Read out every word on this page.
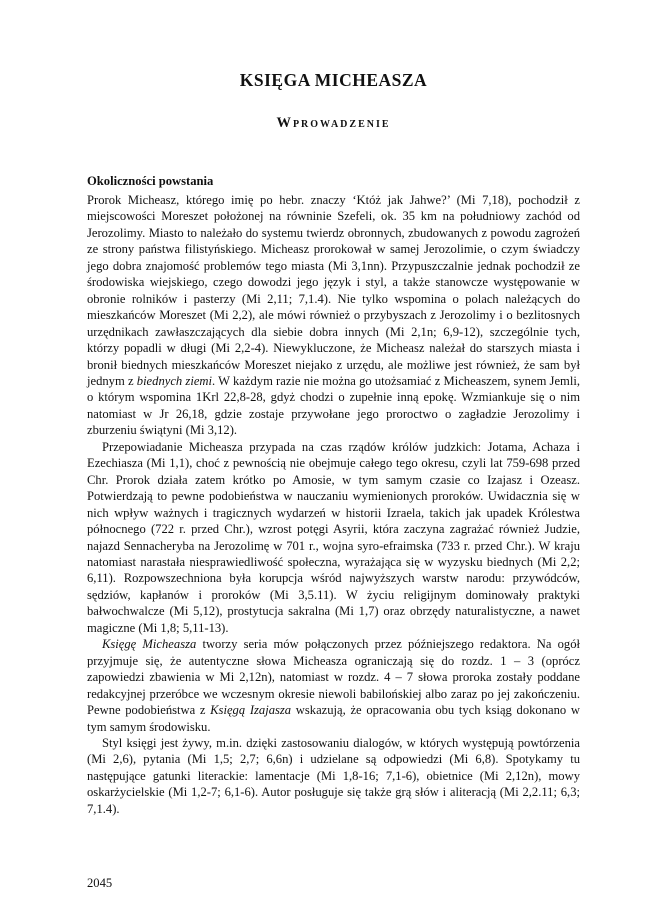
KSIĘGA MICHEASZA
Wprowadzenie
Okoliczności powstania

Prorok Micheasz, którego imię po hebr. znaczy ‘Któż jak Jahwe?’ (Mi 7,18), pochodził z miejscowości Moreszet położonej na równinie Szefeli, ok. 35 km na południowy zachód od Jerozolimy. Miasto to należało do systemu twierdz obronnych, zbudowanych z powodu zagrożeń ze strony państwa filistyńskiego. Micheasz prorokował w samej Jerozolimie, o czym świadczy jego dobra znajomość problemów tego miasta (Mi 3,1nn). Przypuszczalnie jednak pochodził ze środowiska wiejskiego, czego dowodzi jego język i styl, a także stanowcze występowanie w obronie rolników i pasterzy (Mi 2,11; 7,1.4). Nie tylko wspomina o polach należących do mieszkańców Moreszet (Mi 2,2), ale mówi również o przybyszach z Jerozolimy i o bezlitosnych urzędnikach zawłaszczających dla siebie dobra innych (Mi 2,1n; 6,9-12), szczególnie tych, którzy popadli w długi (Mi 2,2-4). Niewykluczone, że Micheasz należał do starszych miasta i bronił biednych mieszkańców Moreszet niejako z urzędu, ale możliwe jest również, że sam był jednym z biednych ziemi. W każdym razie nie można go utożsamiać z Micheaszem, synem Jemli, o którym wspomina 1Krl 22,8-28, gdyż chodzi o zupełnie inną epokę. Wzmiankuje się o nim natomiast w Jr 26,18, gdzie zostaje przywołane jego proroctwo o zagładzie Jerozolimy i zburzeniu świątyni (Mi 3,12).

Przepowiadanie Micheasza przypada na czas rządów królów judzkich: Jotama, Achaza i Ezechiasza (Mi 1,1), choć z pewnością nie obejmuje całego tego okresu, czyli lat 759-698 przed Chr. Prorok działa zatem krótko po Amosie, w tym samym czasie co Izajasz i Ozeasz. Potwierdzają to pewne podobieństwa w nauczaniu wymienionych proroków. Uwidacznia się w nich wpływ ważnych i tragicznych wydarzeń w historii Izraela, takich jak upadek Królestwa północnego (722 r. przed Chr.), wzrost potęgi Asyrii, która zaczyna zagrażać również Judzie, najazd Sennacheryba na Jerozolimę w 701 r., wojna syro-efraimska (733 r. przed Chr.). W kraju natomiast narastała niesprawiedliwość społeczna, wyrażająca się w wyzysku biednych (Mi 2,2; 6,11). Rozpowszechniona była korupcja wśród najwyższych warstw narodu: przywódców, sędziów, kapłanów i proroków (Mi 3,5.11). W życiu religijnym dominowały praktyki bałwochwalcze (Mi 5,12), prostytucja sakralna (Mi 1,7) oraz obrzędy naturalistyczne, a nawet magiczne (Mi 1,8; 5,11-13).

Księgę Micheasza tworzy seria mów połączonych przez późniejszego redaktora. Na ogół przyjmuje się, że autentyczne słowa Micheasza ograniczają się do rozdz. 1 – 3 (oprócz zapowiedzi zbawienia w Mi 2,12n), natomiast w rozdz. 4 – 7 słowa proroka zostały poddane redakcyjnej przeróbce we wczesnym okresie niewoli babilońskiej albo zaraz po jej zakończeniu. Pewne podobieństwa z Księgą Izajasza wskazują, że opracowania obu tych ksiąg dokonano w tym samym środowisku.

Styl księgi jest żywy, m.in. dzięki zastosowaniu dialogów, w których występują powtórzenia (Mi 2,6), pytania (Mi 1,5; 2,7; 6,6n) i udzielane są odpowiedzi (Mi 6,8). Spotykamy tu następujące gatunki literackie: lamentacje (Mi 1,8-16; 7,1-6), obietnice (Mi 2,12n), mowy oskarżycielskie (Mi 1,2-7; 6,1-6). Autor posługuje się także grą słów i aliteracją (Mi 2,2.11; 6,3; 7,1.4).

2045
